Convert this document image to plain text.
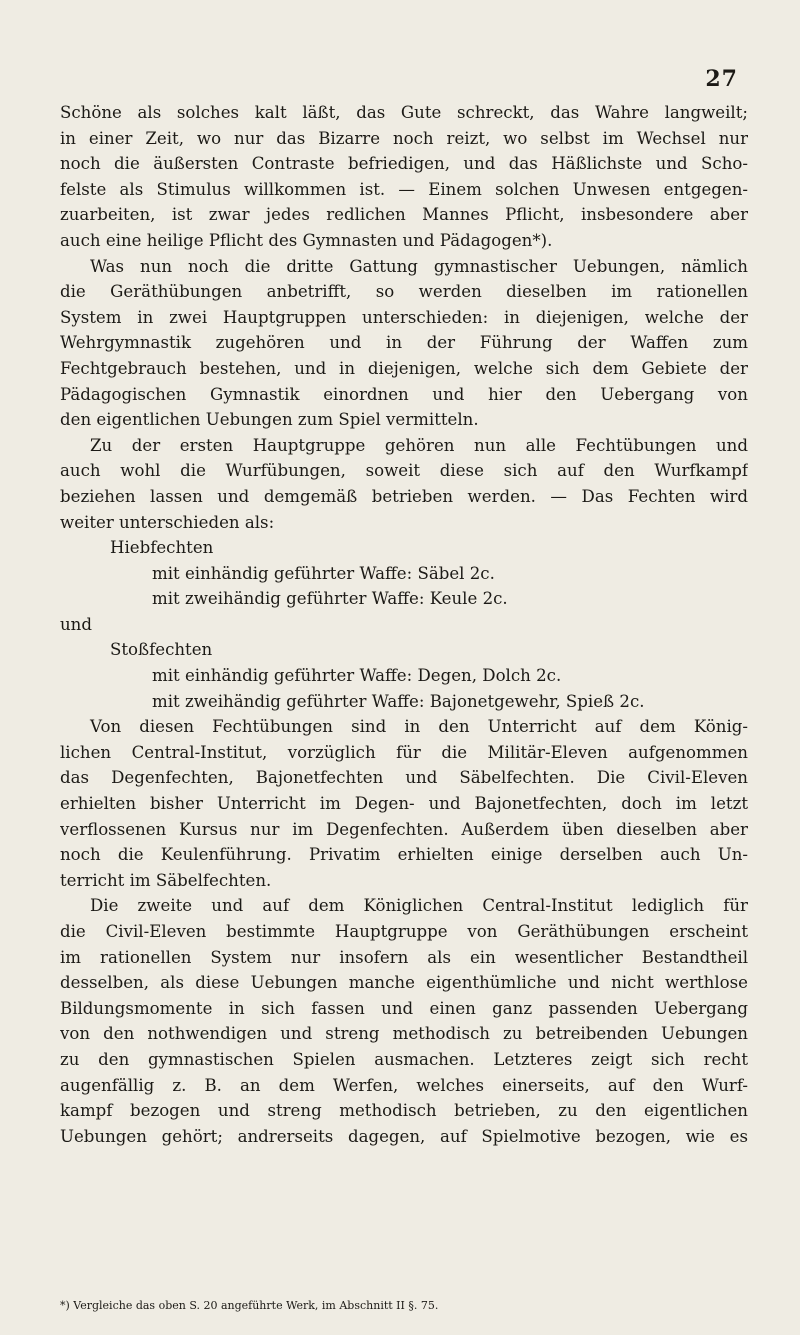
27
Schöne als solches kalt läßt, das Gute schreckt, das Wahre langweilt;
in einer Zeit, wo nur das Bizarre noch reizt, wo selbst im Wechsel nur
noch die äußersten Contraste befriedigen, und das Häßlichste und Scho-
felste als Stimulus willkommen ist. — Einem solchen Unwesen entgegen-
zuarbeiten, ist zwar jedes redlichen Mannes Pflicht, insbesondere aber
auch eine heilige Pflicht des Gymnasten und Pädagogen*).
Was nun noch die dritte Gattung gymnastischer Uebungen, nämlich
die Geräthübungen anbetrifft, so werden dieselben im rationellen
System in zwei Hauptgruppen unterschieden: in diejenigen, welche der
Wehrgymnastik zugehören und in der Führung der Waffen zum
Fechtgebrauch bestehen, und in diejenigen, welche sich dem Gebiete der
Pädagogischen Gymnastik einordnen und hier den Uebergang von
den eigentlichen Uebungen zum Spiel vermitteln.
Zu der ersten Hauptgruppe gehören nun alle Fechtübungen und
auch wohl die Wurfübungen, soweit diese sich auf den Wurfkampf
beziehen lassen und demgemäß betrieben werden. — Das Fechten wird
weiter unterschieden als:
Hiebfechten
mit einhändig geführter Waffe: Säbel 2c.
mit zweihändig geführter Waffe: Keule 2c.
und
Stoßfechten
mit einhändig geführter Waffe: Degen, Dolch 2c.
mit zweihändig geführter Waffe: Bajonetgewehr, Spieß 2c.
Von diesen Fechtübungen sind in den Unterricht auf dem König-
lichen Central-Institut, vorzüglich für die Militär-Eleven aufgenommen
das Degenfechten, Bajonetfechten und Säbelfechten. Die Civil-Eleven
erhielten bisher Unterricht im Degen- und Bajonetfechten, doch im letzt
verflossenen Kursus nur im Degenfechten. Außerdem üben dieselben aber
noch die Keulenführung. Privatim erhielten einige derselben auch Un-
terricht im Säbelfechten.
Die zweite und auf dem Königlichen Central-Institut lediglich für
die Civil-Eleven bestimmte Hauptgruppe von Geräthübungen erscheint
im rationellen System nur insofern als ein wesentlicher Bestandtheil
desselben, als diese Uebungen manche eigenthümliche und nicht werthlose
Bildungsmomente in sich fassen und einen ganz passenden Uebergang
von den nothwendigen und streng methodisch zu betreibenden Uebungen
zu den gymnastischen Spielen ausmachen. Letzteres zeigt sich recht
augenfällig z. B. an dem Werfen, welches einerseits, auf den Wurf-
kampf bezogen und streng methodisch betrieben, zu den eigentlichen
Uebungen gehört; andrerseits dagegen, auf Spielmotive bezogen, wie es
*) Vergleiche das oben S. 20 angeführte Werk, im Abschnitt II §. 75.
